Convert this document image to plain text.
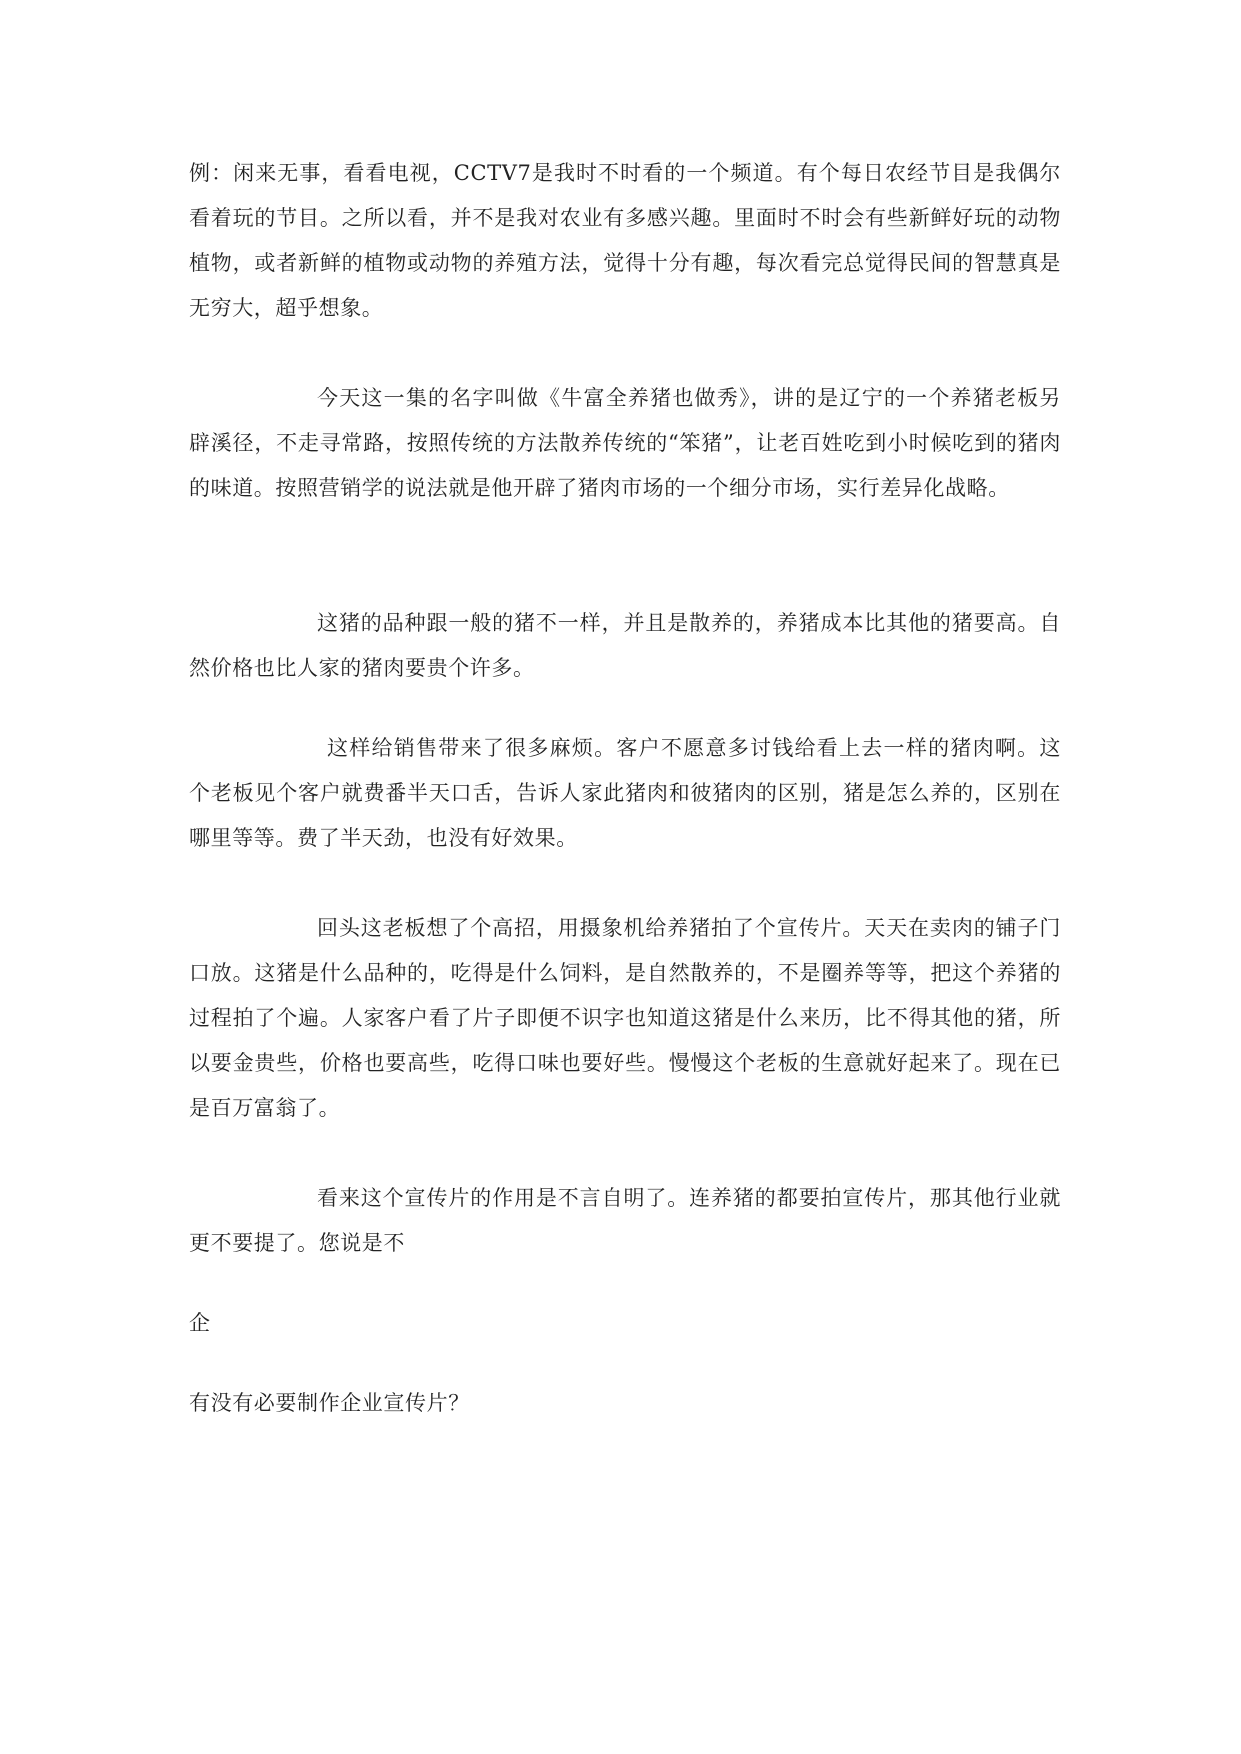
例：闲来无事，看看电视，CCTV7是我时不时看的一个频道。有个每日农经节目是我偶尔看着玩的节目。之所以看，并不是我对农业有多感兴趣。里面时不时会有些新鲜好玩的动物植物，或者新鲜的植物或动物的养殖方法，觉得十分有趣，每次看完总觉得民间的智慧真是无穷大，超乎想象。

今天这一集的名字叫做《牛富全养猪也做秀》，讲的是辽宁的一个养猪老板另辟溪径，不走寻常路，按照传统的方法散养传统的“笨猪”，让老百姓吃到小时候吃到的猪肉的味道。按照营销学的说法就是他开辟了猪肉市场的一个细分市场，实行差异化战略。

这猪的品种跟一般的猪不一样，并且是散养的，养猪成本比其他的猪要高。自然价格也比人家的猪肉要贵个许多。

这样给销售带来了很多麻烦。客户不愿意多讨钱给看上去一样的猪肉啊。这个老板见个客户就费番半天口舌，告诉人家此猪肉和彼猪肉的区别，猪是怎么养的，区别在哪里等等。费了半天劲，也没有好效果。

回头这老板想了个高招，用摄象机给养猪拍了个宣传片。天天在卖肉的铺子门口放。这猪是什么品种的，吃得是什么饲料，是自然散养的，不是圈养等等，把这个养猪的过程拍了个遍。人家客户看了片子即便不识字也知道这猪是什么来历，比不得其他的猪，所以要金贵些，价格也要高些，吃得口味也要好些。慢慢这个老板的生意就好起来了。现在已是百万富翁了。

看来这个宣传片的作用是不言自明了。连养猪的都要拍宣传片，那其他行业就更不要提了。您说是不

企

有没有必要制作企业宣传片？
